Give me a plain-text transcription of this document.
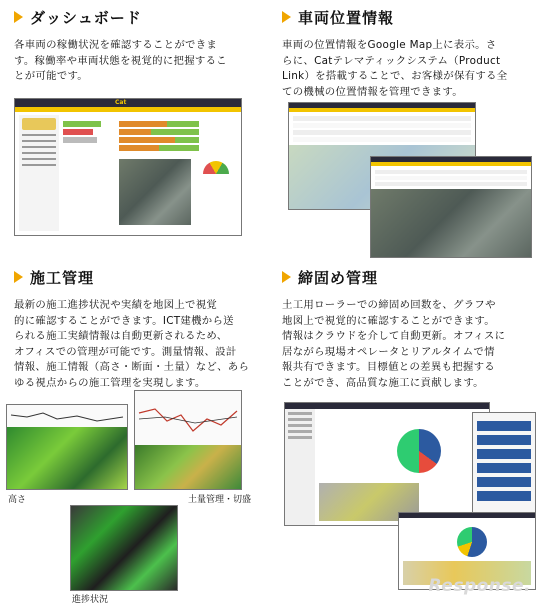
ダッシュボード
各車両の稼働状況を確認することができま
す。稼働率や車両状態を視覚的に把握するこ
とが可能です。
Cat
車両位置情報
車両の位置情報をGoogle Map上に表示。さ
らに、Catテレマティックシステム（Product
Link）を搭載することで、お客様が保有する全
ての機械の位置情報を管理できます。
施工管理
最新の施工進捗状況や実績を地図上で視覚
的に確認することができます。ICT建機から送
られる施工実績情報は自動更新されるため、
オフィスでの管理が可能です。測量情報、設計
情報、施工情報（高さ・断面・土量）など、あら
ゆる視点からの施工管理を実現します。
高さ	土量管理・切盛
進捗状況
締固め管理
土工用ローラーでの締固め回数を、グラフや
地図上で視覚的に確認することができます。
情報はクラウドを介して自動更新。オフィスに
居ながら現場オペレータとリアルタイムで情
報共有できます。目標値との差異も把握する
ことができ、高品質な施工に貢献します。
Response.
